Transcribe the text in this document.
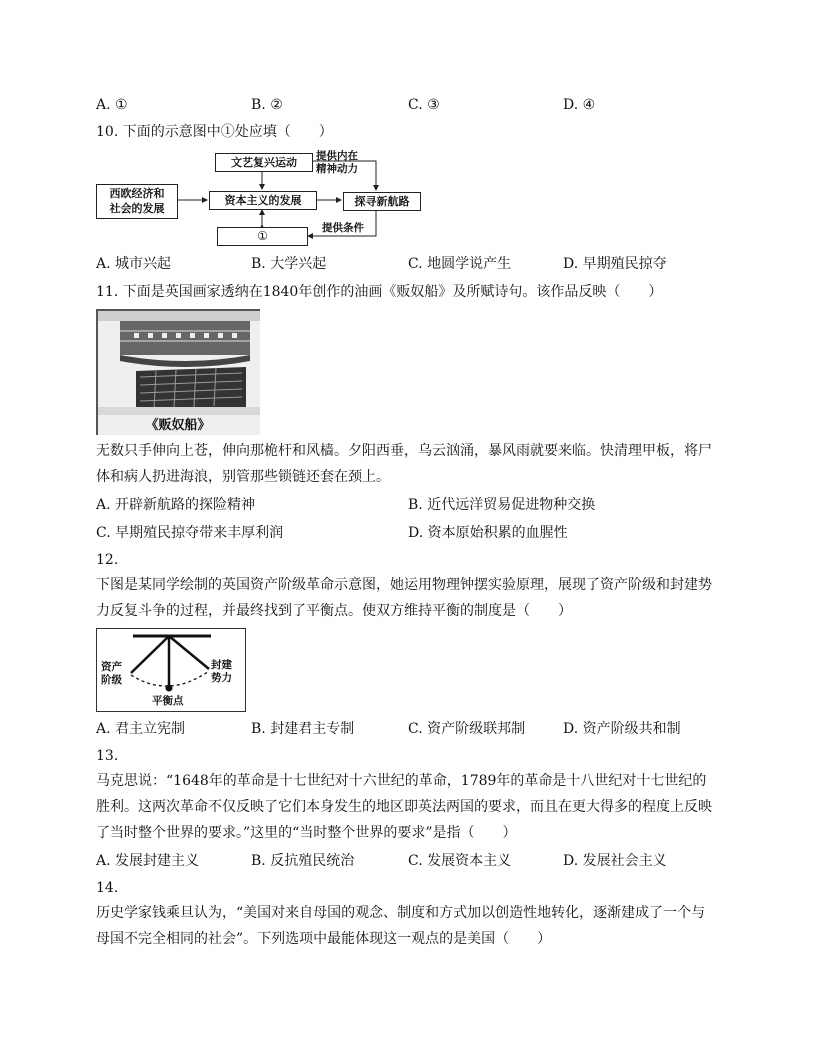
A. ①	B. ②	C. ③	D. ④
10. 下面的示意图中①处应填（　　）
文艺复兴运动
西欧经济和
社会的发展
资本主义的发展	探寻新航路
①
提供内在
精神动力
提供条件
A. 城市兴起	B. 大学兴起	C. 地圆学说产生	D. 早期殖民掠夺
11. 下面是英国画家透纳在1840年创作的油画《贩奴船》及所赋诗句。该作品反映（　　）
《贩奴船》
无数只手伸向上苍，伸向那桅杆和风樯。夕阳西垂，乌云汹涌，暴风雨就要来临。快清理甲板，将尸体和病人扔进海浪，别管那些锁链还套在颈上。
A. 开辟新航路的探险精神	B. 近代远洋贸易促进物种交换
C. 早期殖民掠夺带来丰厚利润	D. 资本原始积累的血腥性
12.
下图是某同学绘制的英国资产阶级革命示意图，她运用物理钟摆实验原理，展现了资产阶级和封建势力反复斗争的过程，并最终找到了平衡点。使双方维持平衡的制度是（　　）
资产
阶级
封建
势力
平衡点
A. 君主立宪制	B. 封建君主专制	C. 资产阶级联邦制	D. 资产阶级共和制
13.
马克思说：“1648年的革命是十七世纪对十六世纪的革命，1789年的革命是十八世纪对十七世纪的胜利。这两次革命不仅反映了它们本身发生的地区即英法两国的要求，而且在更大得多的程度上反映了当时整个世界的要求。”这里的“当时整个世界的要求”是指（　　）
A. 发展封建主义	B. 反抗殖民统治	C. 发展资本主义	D. 发展社会主义
14.
历史学家钱乘旦认为，“美国对来自母国的观念、制度和方式加以创造性地转化，逐渐建成了一个与母国不完全相同的社会”。下列选项中最能体现这一观点的是美国（　　）
